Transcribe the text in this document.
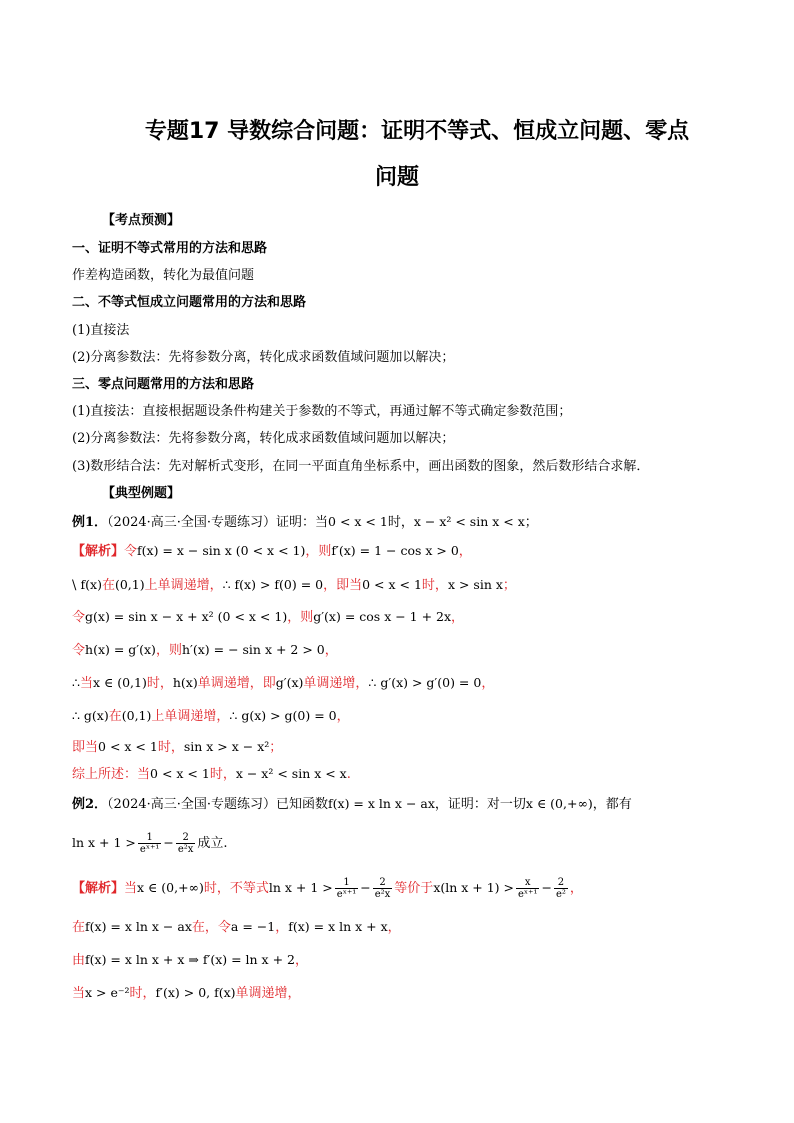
专题17 导数综合问题：证明不等式、恒成立问题、零点
问题
【考点预测】
一、证明不等式常用的方法和思路
作差构造函数，转化为最值问题
二、不等式恒成立问题常用的方法和思路
(1)直接法
(2)分离参数法：先将参数分离，转化成求函数值域问题加以解决；
三、零点问题常用的方法和思路
(1)直接法：直接根据题设条件构建关于参数的不等式，再通过解不等式确定参数范围；
(2)分离参数法：先将参数分离，转化成求函数值域问题加以解决；
(3)数形结合法：先对解析式变形，在同一平面直角坐标系中，画出函数的图象，然后数形结合求解．
【典型例题】
例1．（2024·高三·全国·专题练习）证明：当0 < x < 1时，x − x² < sin x < x；
【解析】令f(x) = x − sin x (0 < x < 1)，则f′(x) = 1 − cos x > 0，
\ f(x)在(0,1)上单调递增，∴ f(x) > f(0) = 0，即当0 < x < 1时，x > sin x；
令g(x) = sin x − x + x² (0 < x < 1)，则g′(x) = cos x − 1 + 2x，
令h(x) = g′(x)，则h′(x) = − sin x + 2 > 0，
∴当x ∈ (0,1)时，h(x)单调递增，即g′(x)单调递增，∴ g′(x) > g′(0) = 0，
∴ g(x)在(0,1)上单调递增，∴ g(x) > g(0) = 0，
即当0 < x < 1时，sin x > x − x²；
综上所述：当0 < x < 1时，x − x² < sin x < x.
例2．（2024·高三·全国·专题练习）已知函数f(x) = x ln x − ax，证明：对一切x ∈ (0,+∞)，都有
$\ln x + 1 > \frac{1}{\text{eˣ⁺¹}} - \frac{2}{\text{e²x}}$ 成立.
【解析】当x ∈ (0,+∞)时，不等式$\ln x + 1 > \frac{1}{\text{eˣ⁺¹}} - \frac{2}{\text{e²x}}$ 等价于x(ln $x + 1) > \frac{x}{\text{eˣ⁺¹}} - \frac{2}{\text{e²}}$ ，
在f(x) = x ln x − ax在，令a = −1，f(x) = x ln x + x，
由f(x) = x ln x + x ⇒ f′(x) = ln x + 2，
当x > e⁻²时，f′(x) > 0, f(x)单调递增，
